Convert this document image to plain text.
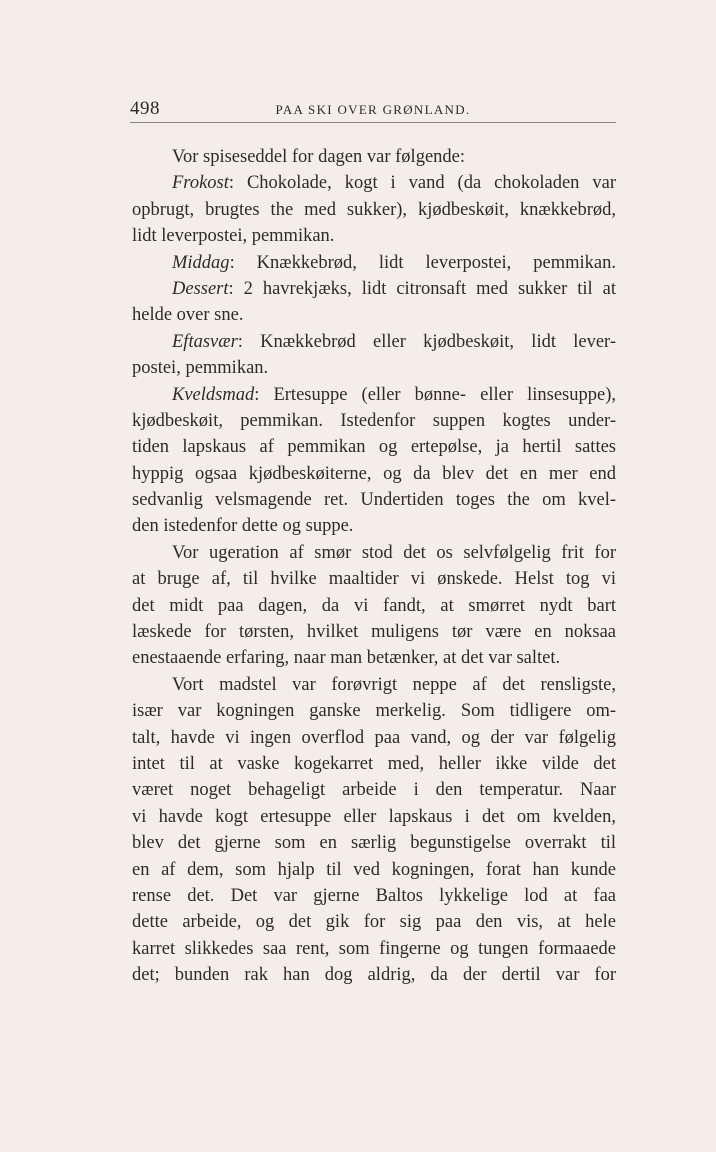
498	PAA SKI OVER GRØNLAND.
Vor spiseseddel for dagen var følgende:
Frokost: Chokolade, kogt i vand (da chokoladen var
opbrugt, brugtes the med sukker), kjødbeskøit, knækkebrød,
lidt leverpostei, pemmikan.
Middag: Knækkebrød, lidt leverpostei, pemmikan.
Dessert: 2 havrekjæks, lidt citronsaft med sukker til at
helde over sne.
Eftasvær: Knækkebrød eller kjødbeskøit, lidt lever-
postei, pemmikan.
Kveldsmad: Ertesuppe (eller bønne- eller linsesuppe),
kjødbeskøit, pemmikan. Istedenfor suppen kogtes under-
tiden lapskaus af pemmikan og ertepølse, ja hertil sattes
hyppig ogsaa kjødbeskøiterne, og da blev det en mer end
sedvanlig velsmagende ret. Undertiden toges the om kvel-
den istedenfor dette og suppe.
Vor ugeration af smør stod det os selvfølgelig frit for
at bruge af, til hvilke maaltider vi ønskede. Helst tog vi
det midt paa dagen, da vi fandt, at smørret nydt bart
læskede for tørsten, hvilket muligens tør være en noksaa
enestaaende erfaring, naar man betænker, at det var saltet.
Vort madstel var forøvrigt neppe af det rensligste,
især var kogningen ganske merkelig. Som tidligere om-
talt, havde vi ingen overflod paa vand, og der var følgelig
intet til at vaske kogekarret med, heller ikke vilde det
været noget behageligt arbeide i den temperatur. Naar
vi havde kogt ertesuppe eller lapskaus i det om kvelden,
blev det gjerne som en særlig begunstigelse overrakt til
en af dem, som hjalp til ved kogningen, forat han kunde
rense det. Det var gjerne Baltos lykkelige lod at faa
dette arbeide, og det gik for sig paa den vis, at hele
karret slikkedes saa rent, som fingerne og tungen formaaede
det; bunden rak han dog aldrig, da der dertil var for
